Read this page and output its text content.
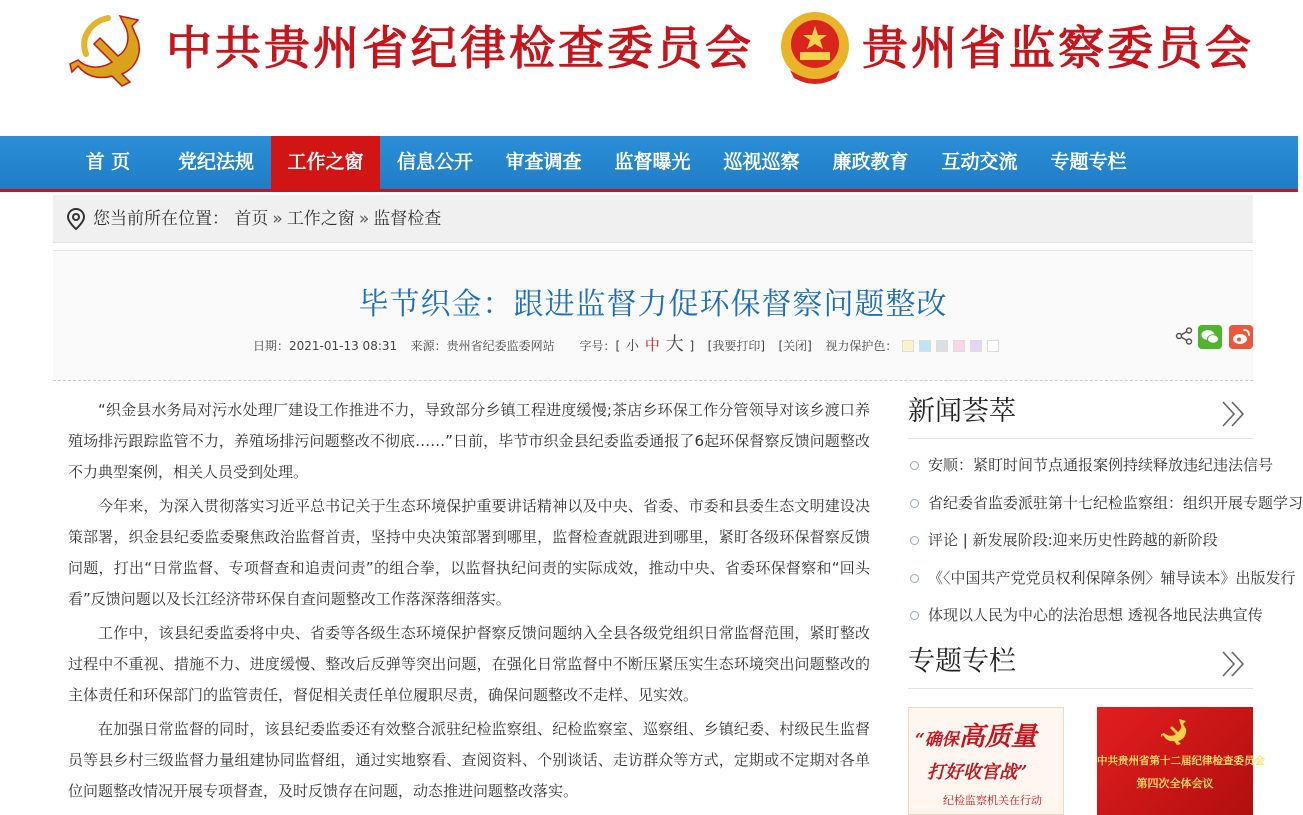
中共贵州省纪律检查委员会 贵州省监察委员会
首 页	党纪法规	工作之窗	信息公开	审查调查	监督曝光	巡视巡察	廉政教育	互动交流	专题专栏
您当前所在位置： 首页 » 工作之窗 » 监督检查
毕节织金：跟进监督力促环保督察问题整改
日期：2021-01-13 08:31 来源：贵州省纪委监委网站 字号：[ 小 中 大 ] [我要打印] [关闭] 视力保护色：

“织金县水务局对污水处理厂建设工作推进不力，导致部分乡镇工程进度缓慢;茶店乡环保工作分管领导对该乡渡口养殖场排污跟踪监管不力，养殖场排污问题整改不彻底……”日前，毕节市织金县纪委监委通报了6起环保督察反馈问题整改不力典型案例，相关人员受到处理。

今年来，为深入贯彻落实习近平总书记关于生态环境保护重要讲话精神以及中央、省委、市委和县委生态文明建设决策部署，织金县纪委监委聚焦政治监督首责，坚持中央决策部署到哪里，监督检查就跟进到哪里，紧盯各级环保督察反馈问题，打出“日常监督、专项督查和追责问责”的组合拳，以监督执纪问责的实际成效，推动中央、省委环保督察和“回头看”反馈问题以及长江经济带环保自查问题整改工作落深落细落实。

工作中，该县纪委监委将中央、省委等各级生态环境保护督察反馈问题纳入全县各级党组织日常监督范围，紧盯整改过程中不重视、措施不力、进度缓慢、整改后反弹等突出问题，在强化日常监督中不断压紧压实生态环境突出问题整改的主体责任和环保部门的监管责任，督促相关责任单位履职尽责，确保问题整改不走样、见实效。

在加强日常监督的同时，该县纪委监委还有效整合派驻纪检监察组、纪检监察室、巡察组、乡镇纪委、村级民生监督员等县乡村三级监督力量组建协同监督组，通过实地察看、查阅资料、个别谈话、走访群众等方式，定期或不定期对各单位问题整改情况开展专项督查，及时反馈存在问题，动态推进问题整改落实。

新闻荟萃
安顺：紧盯时间节点通报案例持续释放违纪违法信号
省纪委省监委派驻第十七纪检监察组：组织开展专题学习
评论 | 新发展阶段:迎来历史性跨越的新阶段
《〈中国共产党党员权利保障条例〉辅导读本》出版发行
体现以人民为中心的法治思想 透视各地民法典宣传
专题专栏
“确保高质量
打好收官战”
纪检监察机关在行动
中共贵州省第十二届纪律检查委员会
第四次全体会议
